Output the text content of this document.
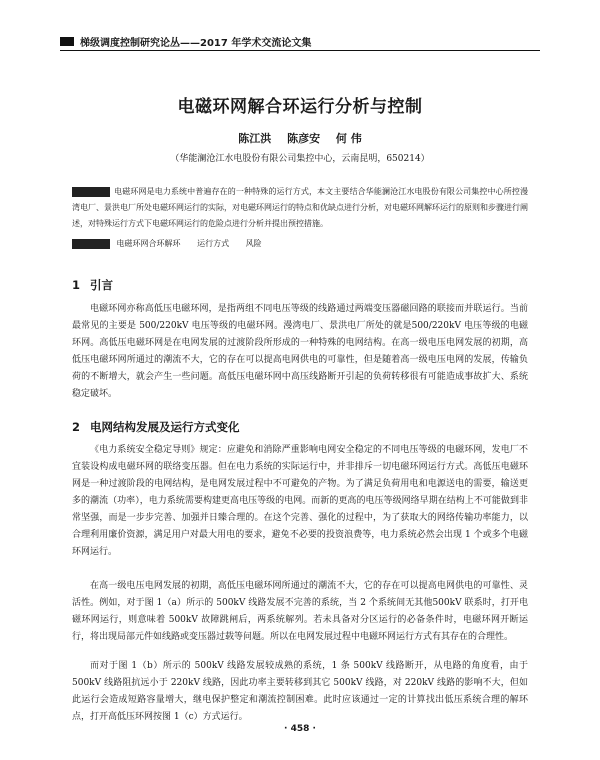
梯级调度控制研究论丛——2017 年学术交流论文集
电磁环网解合环运行分析与控制
陈江洪 陈彦安 何 伟
（华能澜沧江水电股份有限公司集控中心，云南昆明，650214）
电磁环网是电力系统中普遍存在的一种特殊的运行方式，本文主要结合华能澜沧江水电股份有限公司集控中心所控漫湾电厂、景洪电厂所处电磁环网运行的实际，对电磁环网运行的特点和优缺点进行分析，对电磁环网解环运行的原则和步骤进行阐述，对特殊运行方式下电磁环网运行的危险点进行分析并提出预控措施。
电磁环网合环解环 运行方式 风险
1 引言

电磁环网亦称高低压电磁环网，是指两组不同电压等级的线路通过两端变压器磁回路的联接而并联运行。当前最常见的主要是 500/220kV 电压等级的电磁环网。漫湾电厂、景洪电厂所处的就是500/220kV 电压等级的电磁环网。高低压电磁环网是在电网发展的过渡阶段所形成的一种特殊的电网结构。在高一级电压电网发展的初期，高低压电磁环网所通过的潮流不大，它的存在可以提高电网供电的可靠性，但是随着高一级电压电网的发展，传输负荷的不断增大，就会产生一些问题。高低压电磁环网中高压线路断开引起的负荷转移很有可能造成事故扩大、系统稳定破坏。

2 电网结构发展及运行方式变化

《电力系统安全稳定导则》规定：应避免和消除严重影响电网安全稳定的不同电压等级的电磁环网，发电厂不宜装设构成电磁环网的联络变压器。但在电力系统的实际运行中，并非排斥一切电磁环网运行方式。高低压电磁环网是一种过渡阶段的电网结构，是电网发展过程中不可避免的产物。为了满足负荷用电和电源送电的需要，输送更多的潮流（功率），电力系统需要构建更高电压等级的电网。而新的更高的电压等级网络早期在结构上不可能做到非常坚强，而是一步步完善、加强并日臻合理的。在这个完善、强化的过程中，为了获取大的网络传输功率能力，以合理利用廉价资源，满足用户对最大用电的要求，避免不必要的投资浪费等，电力系统必然会出现 1 个或多个电磁环网运行。

在高一级电压电网发展的初期，高低压电磁环网所通过的潮流不大，它的存在可以提高电网供电的可靠性、灵活性。例如，对于图 1（a）所示的 500kV 线路发展不完善的系统，当 2 个系统间无其他500kV 联系时，打开电磁环网运行，则意味着 500kV 故障跳闸后，两系统解列。若未具备对分区运行的必备条件时，电磁环网开断运行，将出现局部元件如线路或变压器过载等问题。所以在电网发展过程中电磁环网运行方式有其存在的合理性。

而对于图 1（b）所示的 500kV 线路发展较成熟的系统，1 条 500kV 线路断开，从电路的角度看，由于 500kV 线路阻抗远小于 220kV 线路，因此功率主要转移到其它 500kV 线路，对 220kV 线路的影响不大，但如此运行会造成短路容量增大，继电保护整定和潮流控制困难。此时应该通过一定的计算找出低压系统合理的解环点，打开高低压环网按图 1（c）方式运行。

· 458 ·
